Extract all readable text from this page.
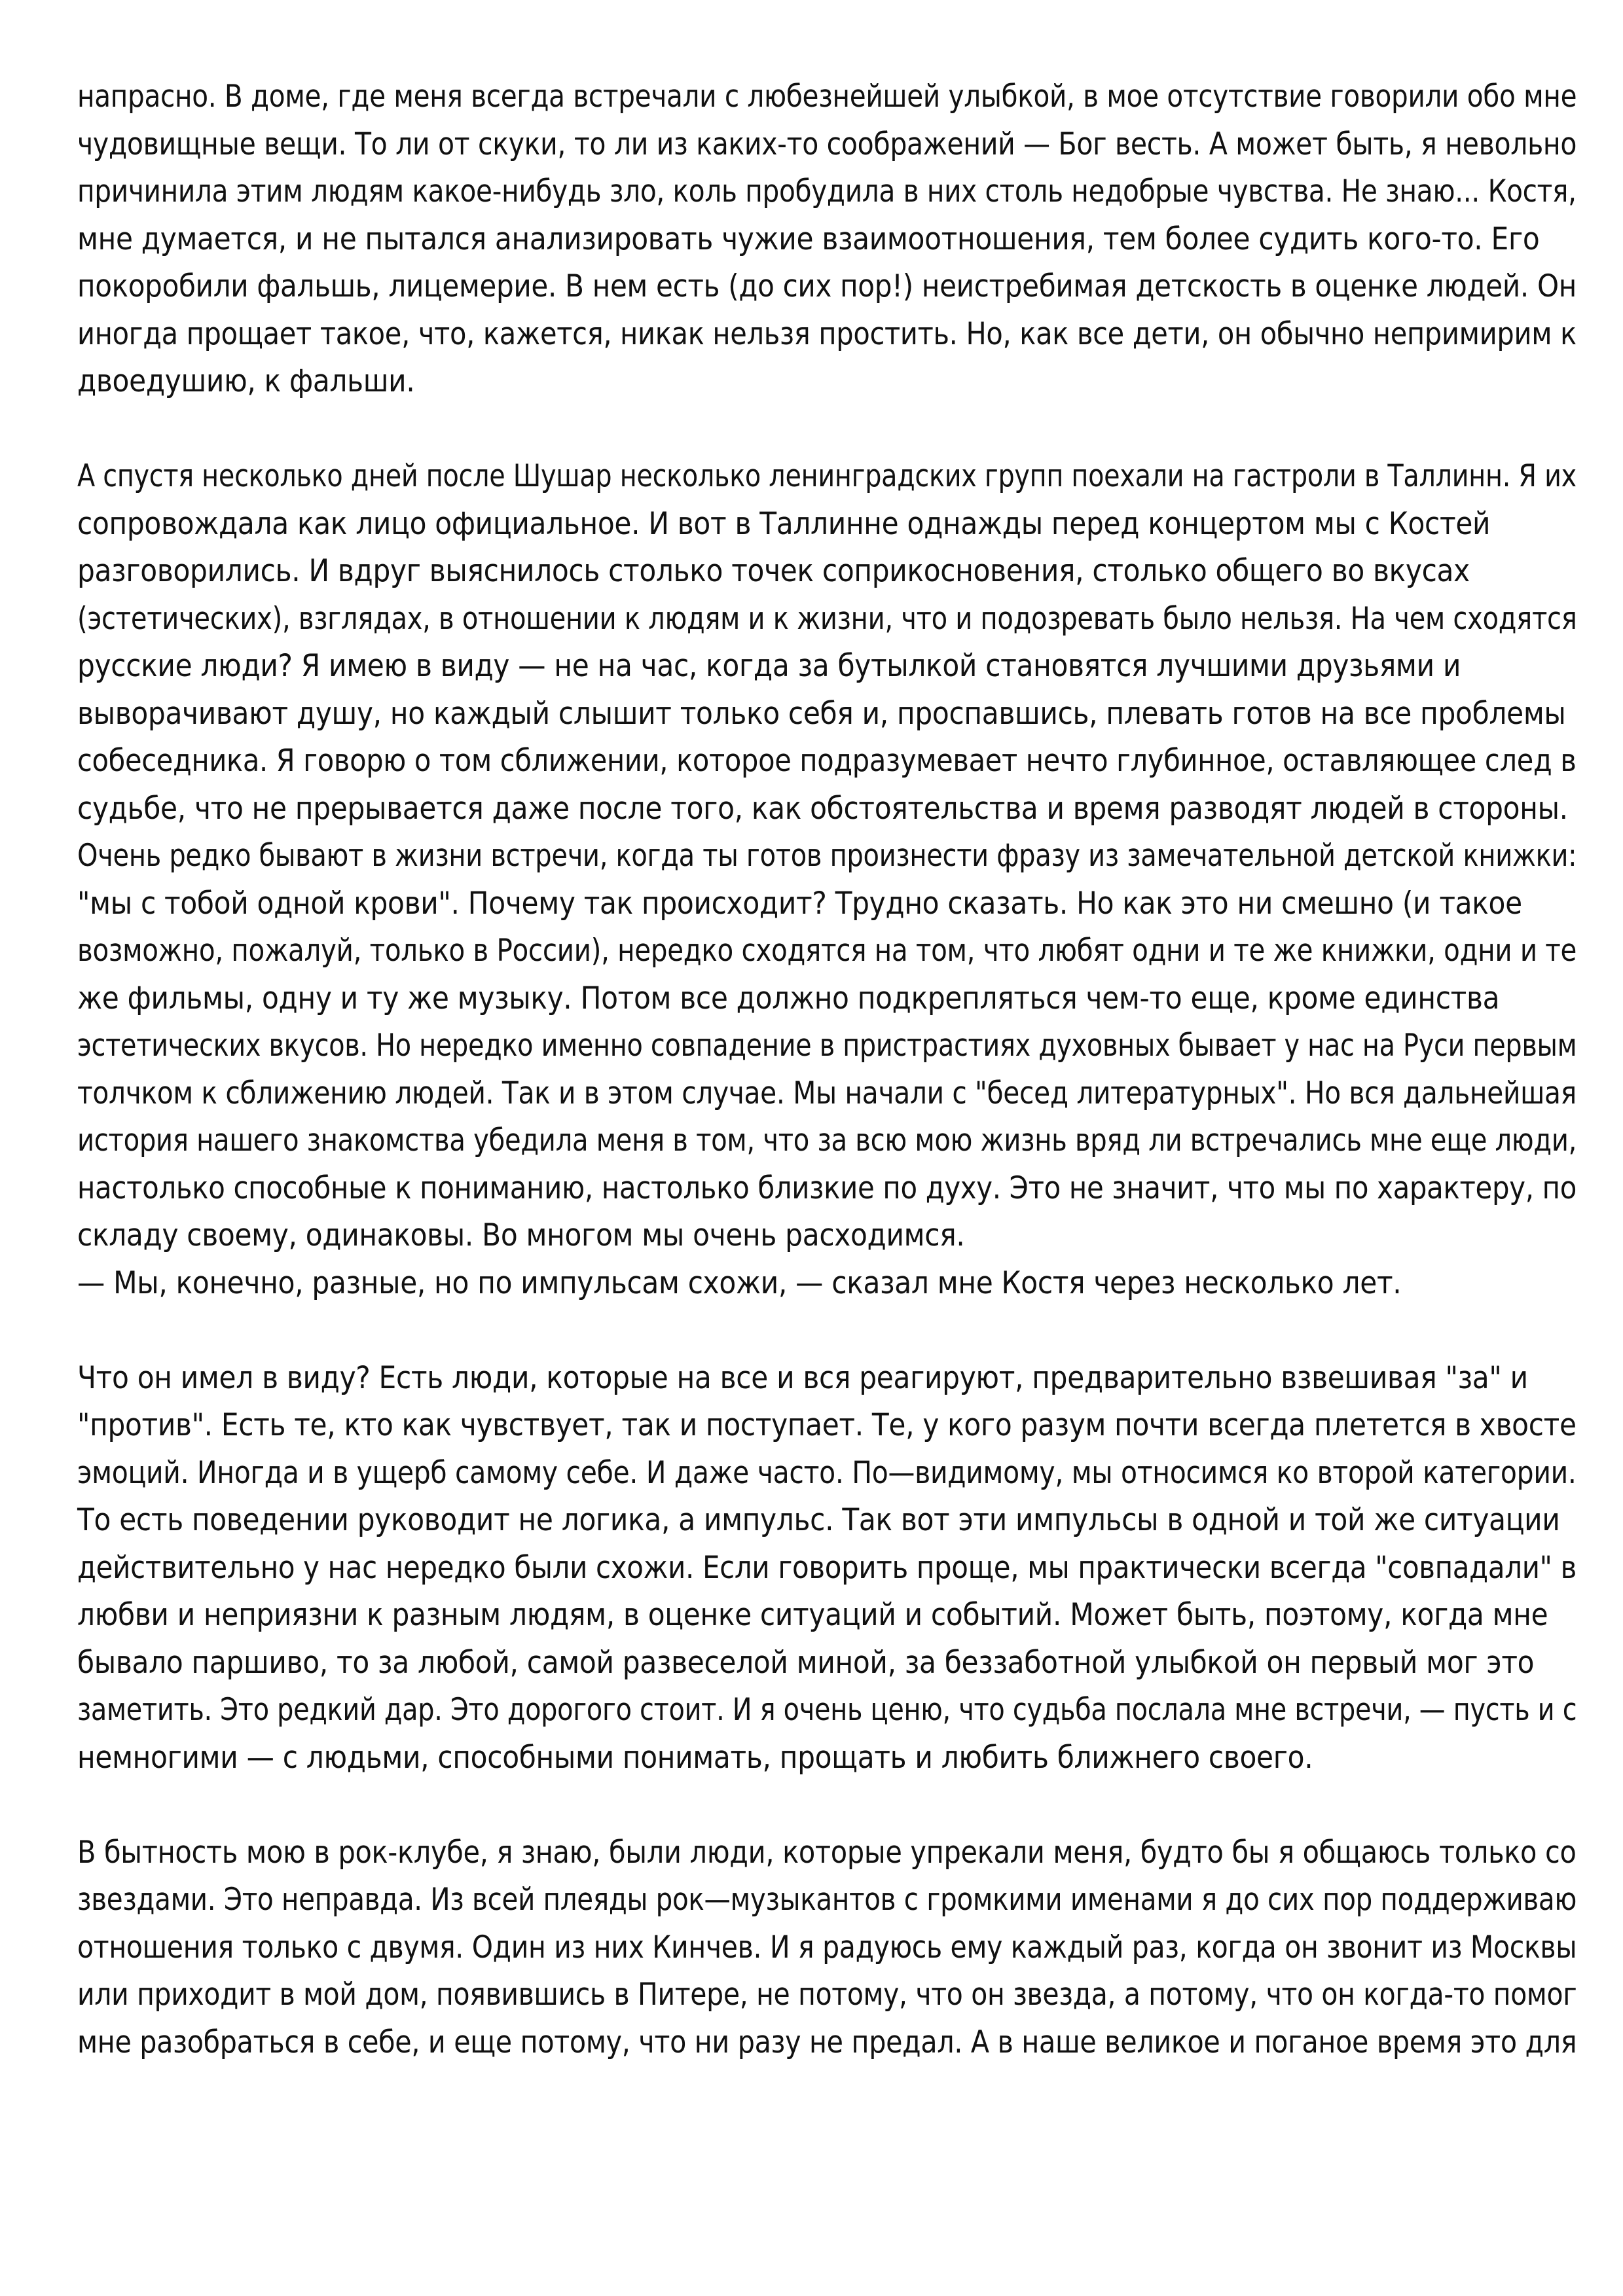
напрасно. В доме, где меня всегда встречали с любезнейшей улыбкой, в мое отсутствие говорили обо мне
чудовищные вещи. То ли от скуки, то ли из каких-то соображений — Бог весть. А может быть, я невольно
причинила этим людям какое-нибудь зло, коль пробудила в них столь недобрые чувства. Не знаю... Костя,
мне думается, и не пытался анализировать чужие взаимоотношения, тем более судить кого-то. Его
покоробили фальшь, лицемерие. В нем есть (до сих пор!) неистребимая детскость в оценке людей. Он
иногда прощает такое, что, кажется, никак нельзя простить. Но, как все дети, он обычно непримирим к
двоедушию, к фальши.
А спустя несколько дней после Шушар несколько ленинградских групп поехали на гастроли в Таллинн. Я их
сопровождала как лицо официальное. И вот в Таллинне однажды перед концертом мы с Костей
разговорились. И вдруг выяснилось столько точек соприкосновения, столько общего во вкусах
(эстетических), взглядах, в отношении к людям и к жизни, что и подозревать было нельзя. На чем сходятся
русские люди? Я имею в виду — не на час, когда за бутылкой становятся лучшими друзьями и
выворачивают душу, но каждый слышит только себя и, проспавшись, плевать готов на все проблемы
собеседника. Я говорю о том сближении, которое подразумевает нечто глубинное, оставляющее след в
судьбе, что не прерывается даже после того, как обстоятельства и время разводят людей в стороны.
Очень редко бывают в жизни встречи, когда ты готов произнести фразу из замечательной детской книжки:
"мы с тобой одной крови". Почему так происходит? Трудно сказать. Но как это ни смешно (и такое
возможно, пожалуй, только в России), нередко сходятся на том, что любят одни и те же книжки, одни и те
же фильмы, одну и ту же музыку. Потом все должно подкрепляться чем-то еще, кроме единства
эстетических вкусов. Но нередко именно совпадение в пристрастиях духовных бывает у нас на Руси первым
толчком к сближению людей. Так и в этом случае. Мы начали с "бесед литературных". Но вся дальнейшая
история нашего знакомства убедила меня в том, что за всю мою жизнь вряд ли встречались мне еще люди,
настолько способные к пониманию, настолько близкие по духу. Это не значит, что мы по характеру, по
складу своему, одинаковы. Во многом мы очень расходимся.
— Мы, конечно, разные, но по импульсам схожи, — сказал мне Костя через несколько лет.
Что он имел в виду? Есть люди, которые на все и вся реагируют, предварительно взвешивая "за" и
"против". Есть те, кто как чувствует, так и поступает. Те, у кого разум почти всегда плетется в хвосте
эмоций. Иногда и в ущерб самому себе. И даже часто. По—видимому, мы относимся ко второй категории.
То есть поведении руководит не логика, а импульс. Так вот эти импульсы в одной и той же ситуации
действительно у нас нередко были схожи. Если говорить проще, мы практически всегда "совпадали" в
любви и неприязни к разным людям, в оценке ситуаций и событий. Может быть, поэтому, когда мне
бывало паршиво, то за любой, самой развеселой миной, за беззаботной улыбкой он первый мог это
заметить. Это редкий дар. Это дорогого стоит. И я очень ценю, что судьба послала мне встречи, — пусть и с
немногими — с людьми, способными понимать, прощать и любить ближнего своего.
В бытность мою в рок-клубе, я знаю, были люди, которые упрекали меня, будто бы я общаюсь только со
звездами. Это неправда. Из всей плеяды рок—музыкантов с громкими именами я до сих пор поддерживаю
отношения только с двумя. Один из них Кинчев. И я радуюсь ему каждый раз, когда он звонит из Москвы
или приходит в мой дом, появившись в Питере, не потому, что он звезда, а потому, что он когда-то помог
мне разобраться в себе, и еще потому, что ни разу не предал. А в наше великое и поганое время это для
